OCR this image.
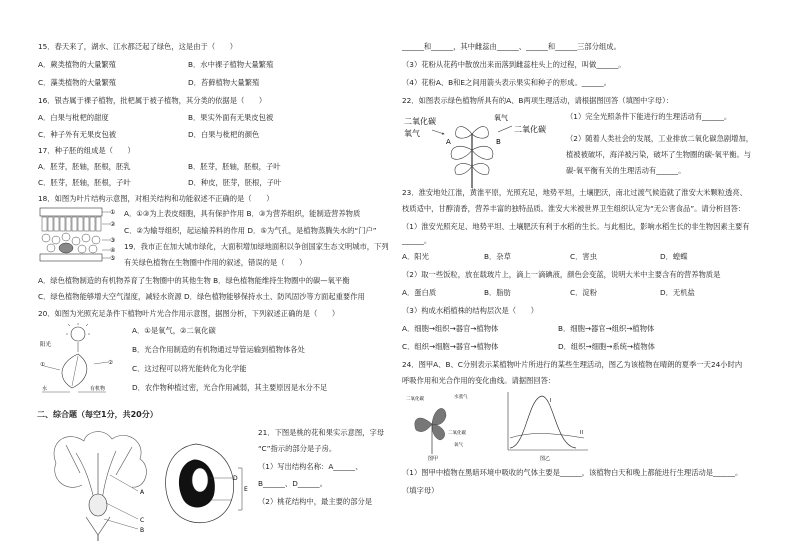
15．春天来了，湖水、江水都泛起了绿色，这是由于（　　）
A．蕨类植物的大量繁殖	B．水中裸子植物大量繁殖
C．藻类植物的大量繁殖	D．苔藓植物大量繁殖
16．银杏属于裸子植物，批杷属于被子植物，其分类的依据是（　　）
A．白果与枇杷的甜度	B．果实外面有无果皮包被
C．种子外有无果皮包被	D．白果与枇杷的颜色
17．种子胚的组成是（　　）
A．胚芽，胚轴，胚根，胚乳	B．胚芽，胚轴，胚根，子叶
C．胚芽，胚轴，胚根，子叶	D．种皮，胚芽，胚根，子叶
18．如图为叶片结构示意图，对相关结构和功能叙述不正确的是（　　）
①
②
③
④
⑤
A．①③为上表皮细胞，具有保护作用 B．③为营养组织，能制造营养物质
C．②为输导组织，起运输养料的作用 D．⑤为气孔，是植物蒸腾失水的“门户”
19．我市正在加大城市绿化，大面积增加绿地面积以争创国家生态文明城市，下列
有关绿色植物在生物圈中作用的叙述，错误的是（　　）
A．绿色植物制造的有机物养育了生物圈中的其他生物 B．绿色植物能维持生物圈中的碳—氧平衡
C．绿色植物能够增大空气湿度，减轻水资源 D．绿色植物能够保持水土、防风固沙等方面起重要作用
20．如图为光照充足条件下植物叶片光合作用示意图，据图分析，下列叙述正确的是（　　）
阳光
①	②
水	有机物
A．①是氧气，②二氧化碳
B．光合作用制造的有机物通过导管运输到植物体各处
C．这过程可以将光能转化为化学能
D．农作物种植过密，光合作用减弱，其主要原因是水分不足
二、综合题（每空1分，共20分）
A
C
B
D
E
21．下图是桃的花和果实示意图，字母
“C”指示的部分是子房。
（1）写出结构名称：A______、
B______、D______。
（2）桃花结构中，最主要的部分是
______和______，其中雌蕊由______、______和______三部分组成。
（3）花粉从花药中散放出来而落到雌蕊柱头上的过程，叫做______。
（4）花粉A、B和E之间用箭头表示果实和种子的形成。______。
22．如图表示绿色植物所具有的A、B两项生理活动，请根据图回答（填图中字母）：
二氧化碳
氧气
氧气
二氧化碳
A	B
（1）完全光照条件下能进行的生理活动有______。
（2）随着人类社会的发展，工业排放二氧化碳急剧增加，
植被被破坏，海洋被污染，破坏了生物圈的碳-氧平衡。与
碳-氧平衡有关的生理活动有______。
23．淮安地处江淮，黄淮平原，光照充足，地势平坦，土壤肥沃，南北过渡气候造就了淮安大米颗粒透亮、
枝质适中，甘醇清香，营养丰富的独特品质。淮安大米被世界卫生组织认定为“无公害食品”。请分析回答：
（1）淮安光照充足、地势平坦、土壤肥沃有利于水稻的生长。与此相比，影响水稻生长的非生物因素主要有
______。
A．阳光	B．杂草	C．害虫	D．蝗蝶
（2）取一些饭粒，放在载玻片上，滴上一滴碘液，颜色会变蓝，说明大米中主要含有的营养物质是
A．蛋白质	B．脂肪	C．淀粉	D．无机盐
（3）构成水稻植株的结构层次是（　　）
A．细胞→组织→器官→植物体	B．细胞→器官→组织→植物体
C．组织→细胞→器官→植物体	D．组织→细胞→系统→植物体
24．图甲A、B、C分别表示某植物叶片所进行的某些生理活动，图乙为该植物在晴朗的夏季一天24小时内
呼吸作用和光合作用的变化曲线。请据图回答：
二氧化碳	水蒸气
二氧化碳
氧气
图甲
I
II
图乙
（1）图甲中植物在黑暗环境中吸收的气体主要是______，该植物白天和晚上都能进行生理活动是______。
（填字母）
